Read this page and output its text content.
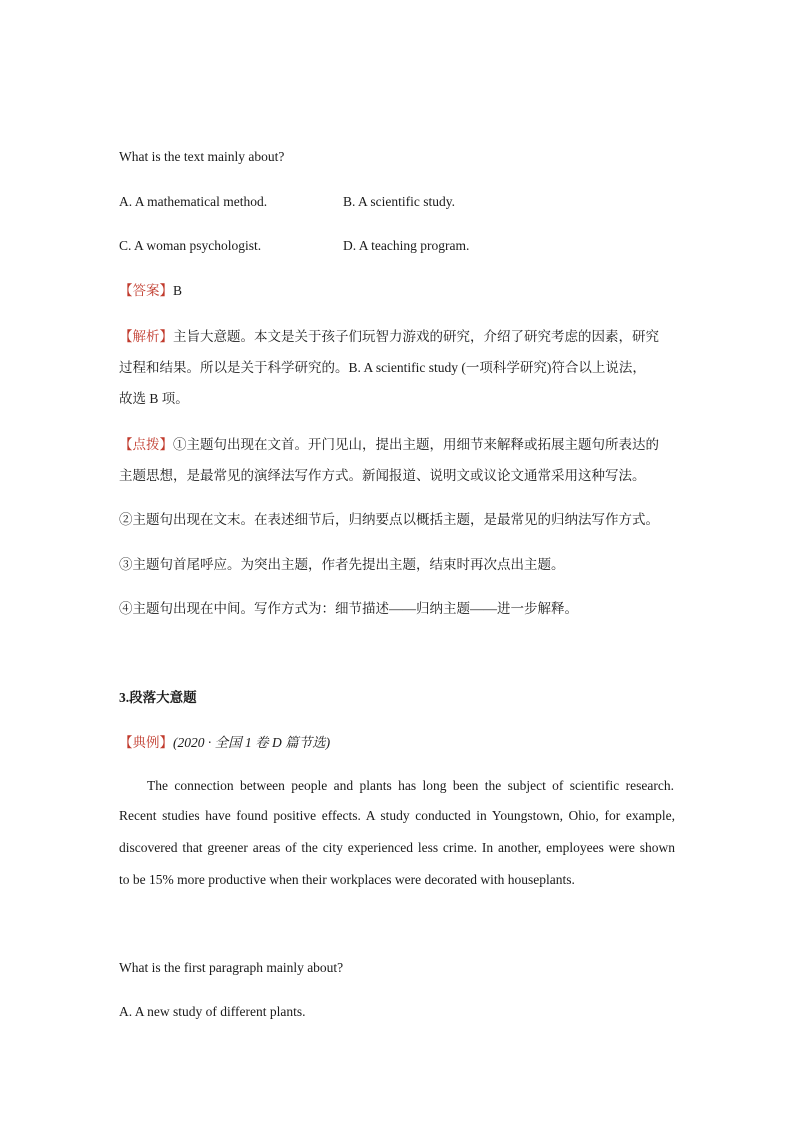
What is the text mainly about?
A. A mathematical method.	B. A scientific study.
C. A woman psychologist.	D. A teaching program.
【答案】B
【解析】主旨大意题。本文是关于孩子们玩智力游戏的研究，介绍了研究考虑的因素，研究
过程和结果。所以是关于科学研究的。B. A scientific study (一项科学研究)符合以上说法，
故选 B 项。
【点拨】①主题句出现在文首。开门见山，提出主题，用细节来解释或拓展主题句所表达的
主题思想，是最常见的演绎法写作方式。新闻报道、说明文或议论文通常采用这种写法。
②主题句出现在文末。在表述细节后，归纳要点以概括主题，是最常见的归纳法写作方式。
③主题句首尾呼应。为突出主题，作者先提出主题，结束时再次点出主题。
④主题句出现在中间。写作方式为：细节描述——归纳主题——进一步解释。
3.段落大意题
【典例】(2020 · 全国 1 卷 D 篇节选)
The connection between people and plants has long been the subject of scientific research.
Recent studies have found positive effects. A study conducted in Youngstown, Ohio, for example,
discovered that greener areas of the city experienced less crime. In another, employees were shown
to be 15% more productive when their workplaces were decorated with houseplants.
What is the first paragraph mainly about?
A. A new study of different plants.
